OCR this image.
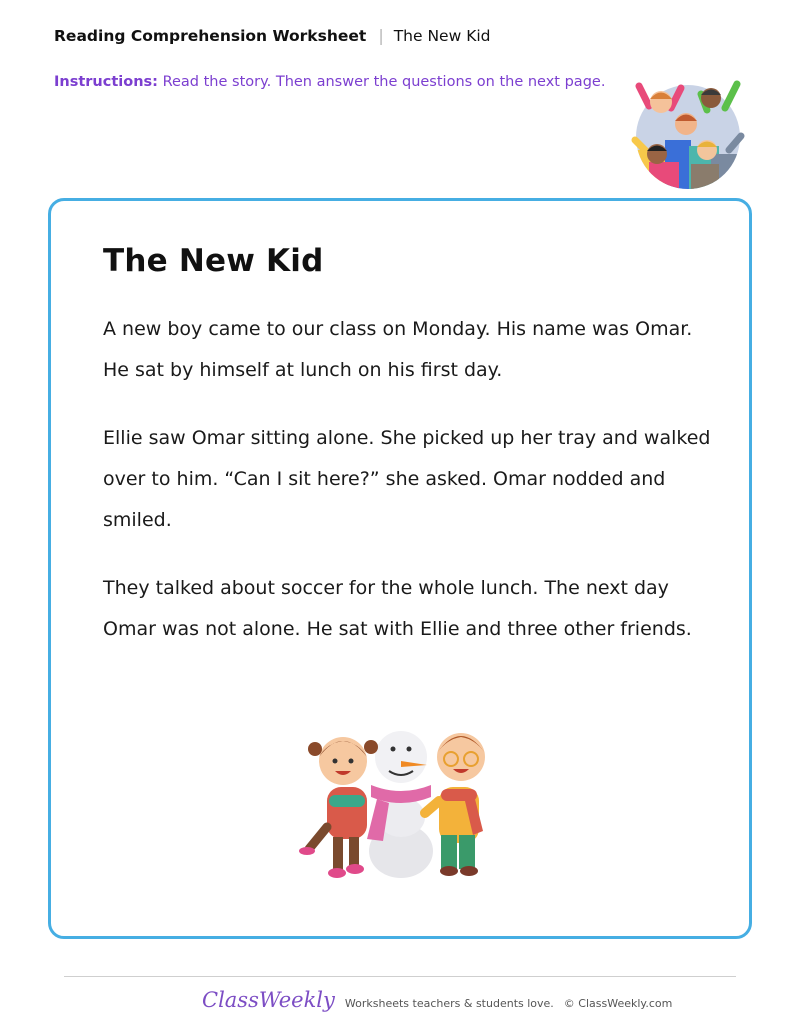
Reading Comprehension Worksheet | The New Kid
Instructions: Read the story. Then answer the questions on the next page.
The New Kid

A new boy came to our class on Monday. His name was Omar. He sat by himself at lunch on his first day.

Ellie saw Omar sitting alone. She picked up her tray and walked over to him. “Can I sit here?” she asked. Omar nodded and smiled.

They talked about soccer for the whole lunch. The next day Omar was not alone. He sat with Ellie and three other friends.

ClassWeekly Worksheets teachers & students love. © ClassWeekly.com
